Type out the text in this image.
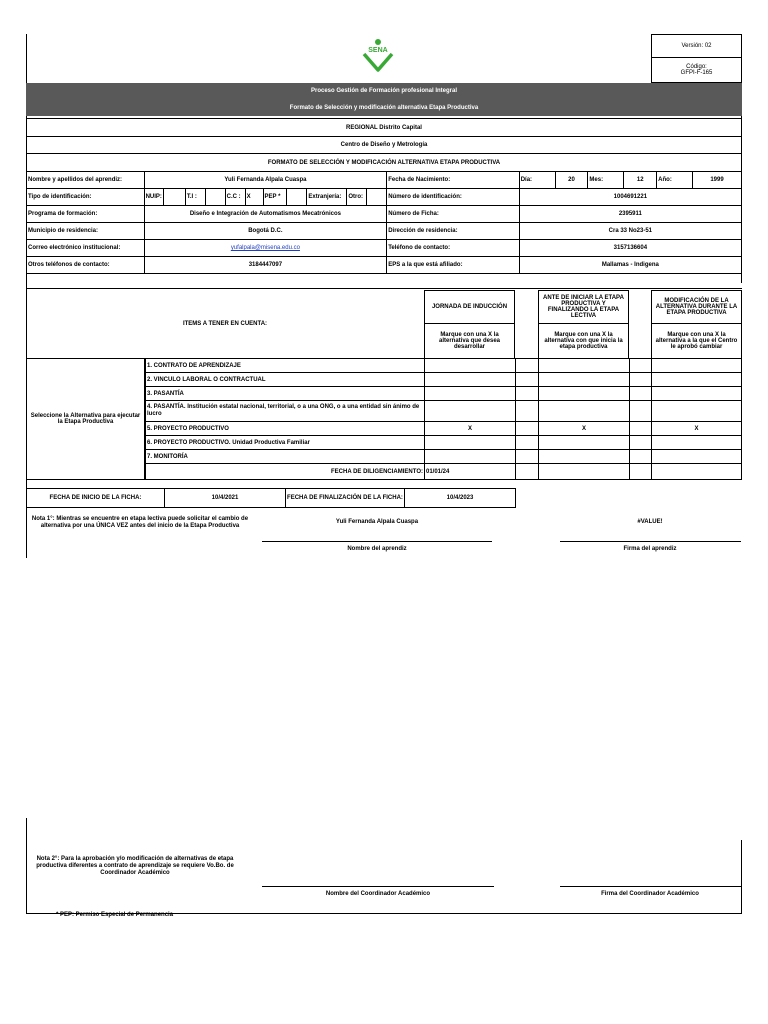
SENA
Versión: 02
Código:
GFPI-F-165
Proceso Gestión de Formación profesional Integral
Formato de Selección y modificación alternativa Etapa Productiva
REGIONAL Distrito Capital
Centro de Diseño y Metrología
FORMATO DE SELECCIÓN Y MODIFICACIÓN ALTERNATIVA ETAPA PRODUCTIVA
Nombre y apellidos del aprendiz:	Yuli Fernanda Alpala Cuaspa											Fecha de Nacimiento:	Día:	20	Mes:	12	Año:	1999
Tipo de identificación:	NUIP:		T.I :		C.C :	X	PEP *		Extranjería:	Otro:		Número de identificación:	1004691221					
Programa de formación:	Diseño e Integración de Automatismos Mecatrónicos											Número de Ficha:	2395911					
Municipio de residencia:	Bogotá D.C.											Dirección de residencia:	Cra 33 No23-51					
Correo electrónico institucional:	yufalpala@misena.edu.co											Teléfono de contacto:	3157136604					
Otros teléfonos de contacto:	3184447097											EPS a la que está afiliado:	Mallamas - Indigena					
ITEMS A TENER EN CUENTA:
JORNADA DE INDUCCIÓN
Marque con una X la alternativa que desea desarrollar
ANTE DE INICIAR LA ETAPA PRODUCTIVA Y FINALIZANDO LA ETAPA LECTIVA
Marque con una X la alternativa con que inicia la etapa productiva
MODIFICACIÓN DE LA ALTERNATIVA DURANTE LA ETAPA PRODUCTIVA
Marque con una X la alternativa a la que el Centro le aprobó cambiar
Seleccione la Alternativa para ejecutar la Etapa Productiva
1. CONTRATO DE APRENDIZAJE
2. VINCULO LABORAL O CONTRACTUAL
3. PASANTÍA
4. PASANTÍA. Institución estatal nacional, territorial, o a una ONG, o a una entidad sin ánimo de lucro
5. PROYECTO PRODUCTIVO	X	X	X
6. PROYECTO PRODUCTIVO. Unidad Productiva Familiar
7. MONITORÍA
FECHA DE DILIGENCIAMIENTO: 01/01/24
FECHA DE INICIO DE LA FICHA:	10/4/2021	FECHA DE FINALIZACIÓN DE LA FICHA:	10/4/2023
Nota 1°: Mientras se encuentre en etapa lectiva puede solicitar el cambio de alternativa por una ÚNICA VEZ antes del inicio de la Etapa Productiva
Yuli Fernanda Alpala Cuaspa	#VALUE!
Nombre del aprendiz	Firma del aprendiz
Nota 2°: Para la aprobación y/o modificación de alternativas de etapa productiva diferentes a contrato de aprendizaje se requiere Vo.Bo. de Coordinador Académico
Nombre del Coordinador Académico	Firma del Coordinador Académico
* PEP: Permiso Especial de Permanencia
